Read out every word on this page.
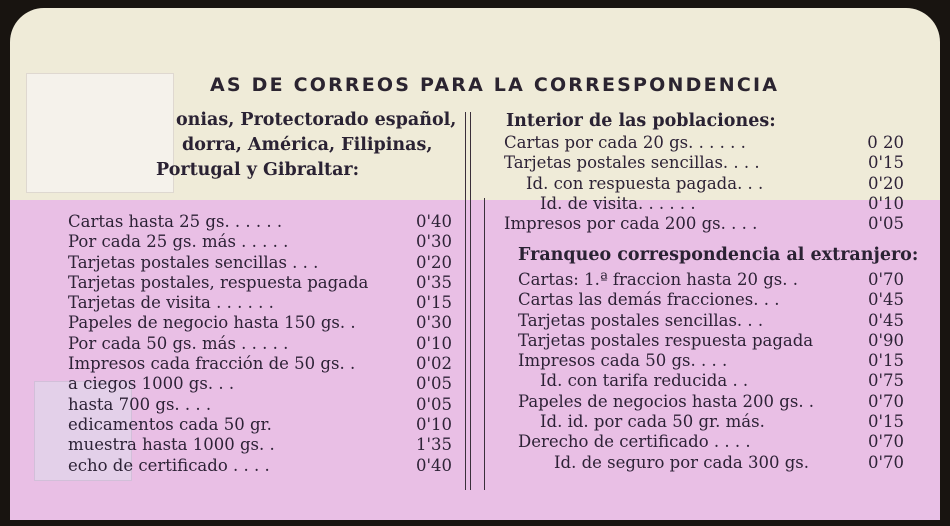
AS DE CORREOS PARA LA CORRESPONDENCIA
onias, Protectorado español,
dorra, América, Filipinas,
Portugal y Gibraltar:
Cartas hasta 25 gs. . . . . .	0'40
Por cada 25 gs. más . . . . .	0'30
Tarjetas postales sencillas . . .	0'20
Tarjetas postales, respuesta pagada	0'35
Tarjetas de visita . . . . . .	0'15
Papeles de negocio hasta 150 gs. .	0'30
Por cada 50 gs. más . . . . .	0'10
Impresos cada fracción de 50 gs. .	0'02
a ciegos 1000 gs. . .	0'05
hasta 700 gs. . . .	0'05
edicamentos cada 50 gr.	0'10
muestra hasta 1000 gs. .	1'35
echo de certificado . . . .	0'40
Interior de las poblaciones:
Cartas por cada 20 gs. . . . . .	0 20
Tarjetas postales sencillas. . . .	0'15
Id. con respuesta pagada. . .	0'20
Id. de visita. . . . . .	0'10
Impresos por cada 200 gs. . . .	0'05
Franqueo correspondencia al extranjero:
Cartas: 1.ª fraccion hasta 20 gs. .	0'70
Cartas las demás fracciones. . .	0'45
Tarjetas postales sencillas. . .	0'45
Tarjetas postales respuesta pagada	0'90
Impresos cada 50 gs. . . .	0'15
Id. con tarifa reducida . .	0'75
Papeles de negocios hasta 200 gs. .	0'70
Id. id. por cada 50 gr. más.	0'15
Derecho de certificado . . . .	0'70
Id. de seguro por cada 300 gs.	0'70
